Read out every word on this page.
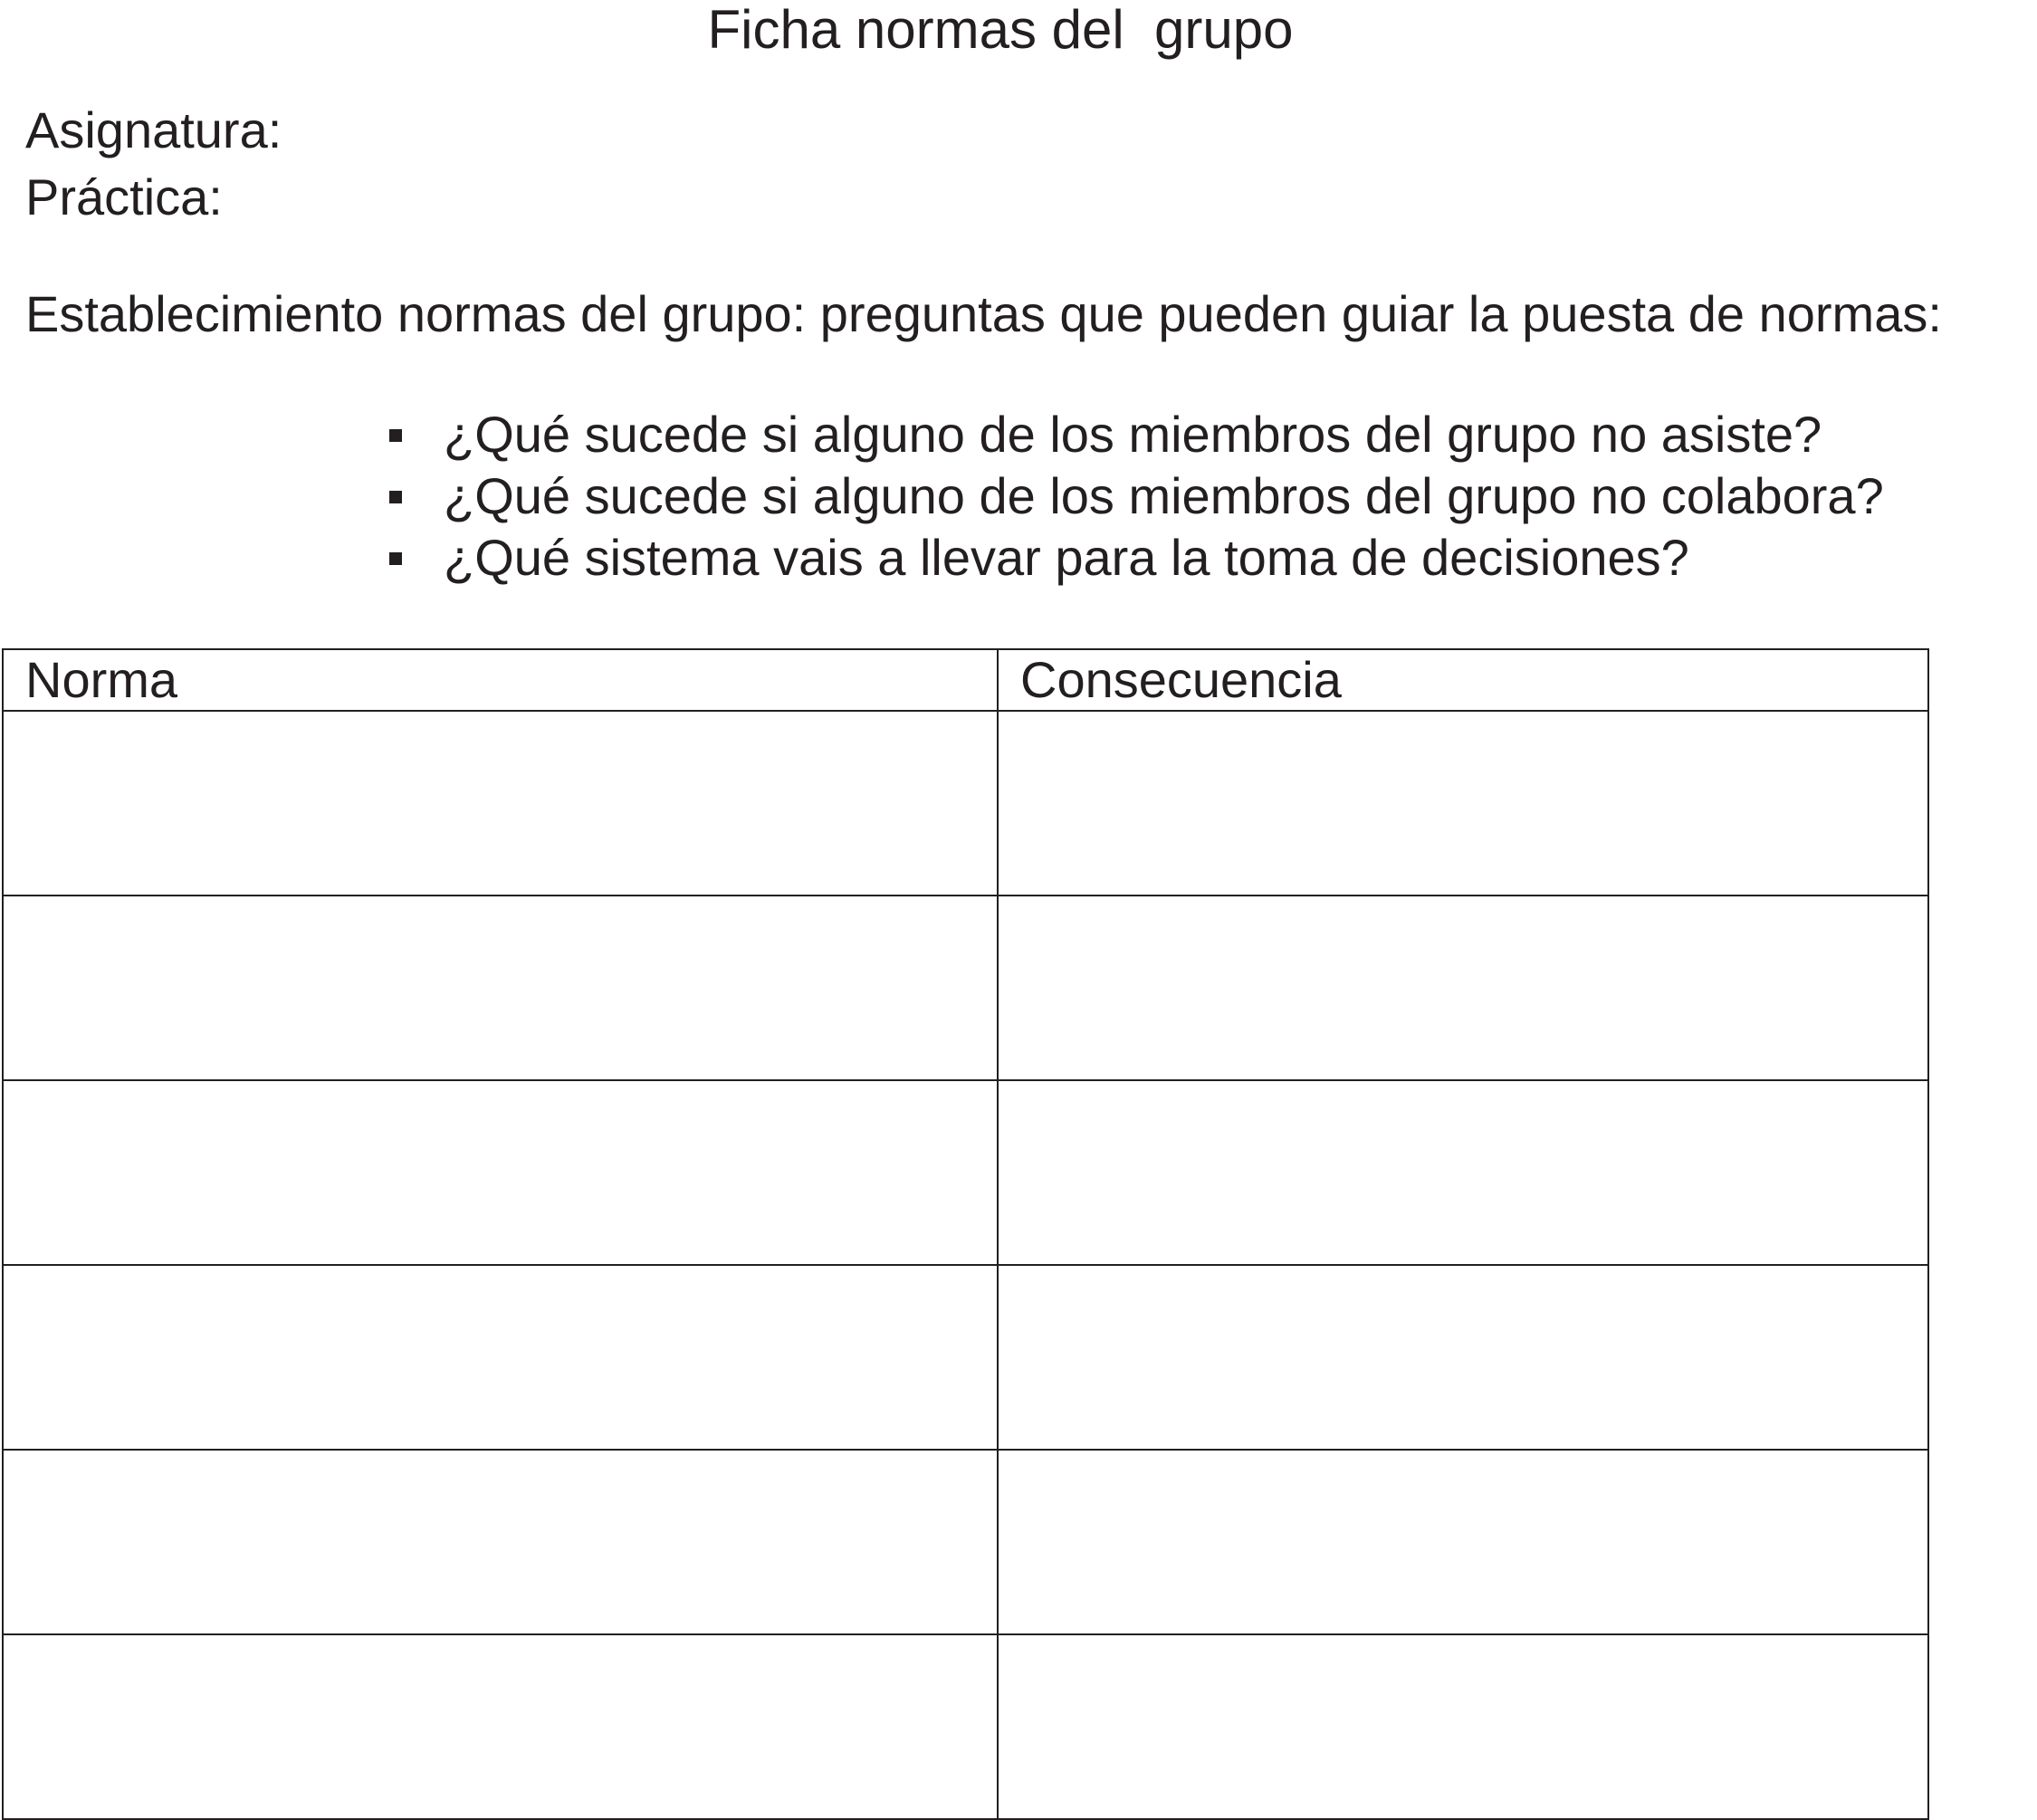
Ficha normas del  grupo
Asignatura:
Práctica:
Establecimiento normas del grupo: preguntas que pueden guiar la puesta de normas:
¿Qué sucede si alguno de los miembros del grupo no asiste?
¿Qué sucede si alguno de los miembros del grupo no colabora?
¿Qué sistema vais a llevar para la toma de decisiones?
Norma	Consecuencia
